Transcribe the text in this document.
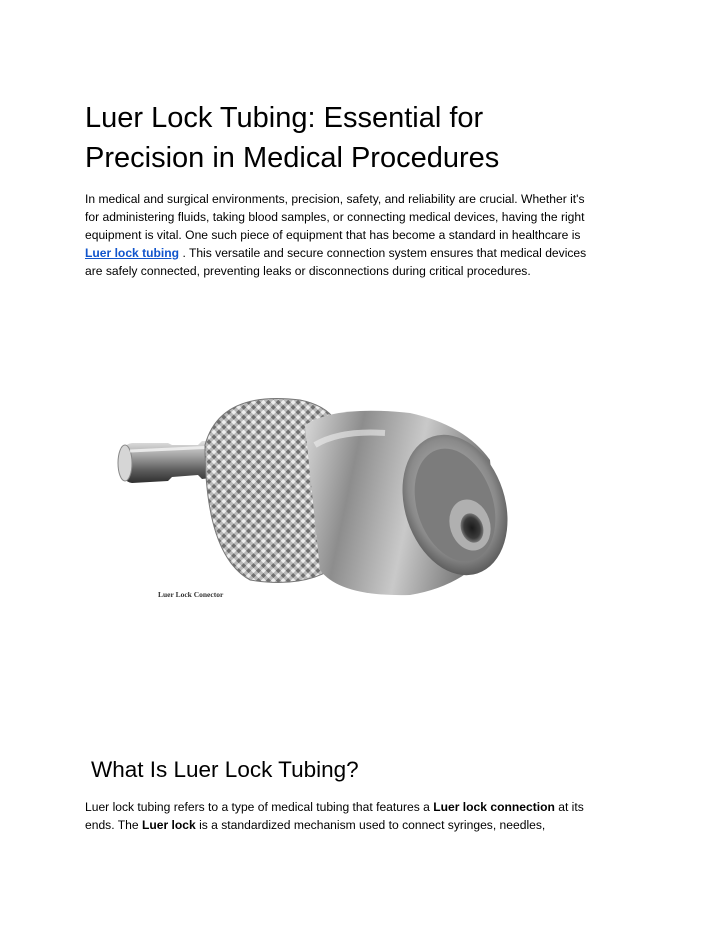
Luer Lock Tubing: Essential for
Precision in Medical Procedures

In medical and surgical environments, precision, safety, and reliability are crucial. Whether it's
for administering fluids, taking blood samples, or connecting medical devices, having the right
equipment is vital. One such piece of equipment that has become a standard in healthcare is
Luer lock tubing . This versatile and secure connection system ensures that medical devices
are safely connected, preventing leaks or disconnections during critical procedures.

Luer Lock Conector
What Is Luer Lock Tubing?

Luer lock tubing refers to a type of medical tubing that features a Luer lock connection at its
ends. The Luer lock is a standardized mechanism used to connect syringes, needles,
